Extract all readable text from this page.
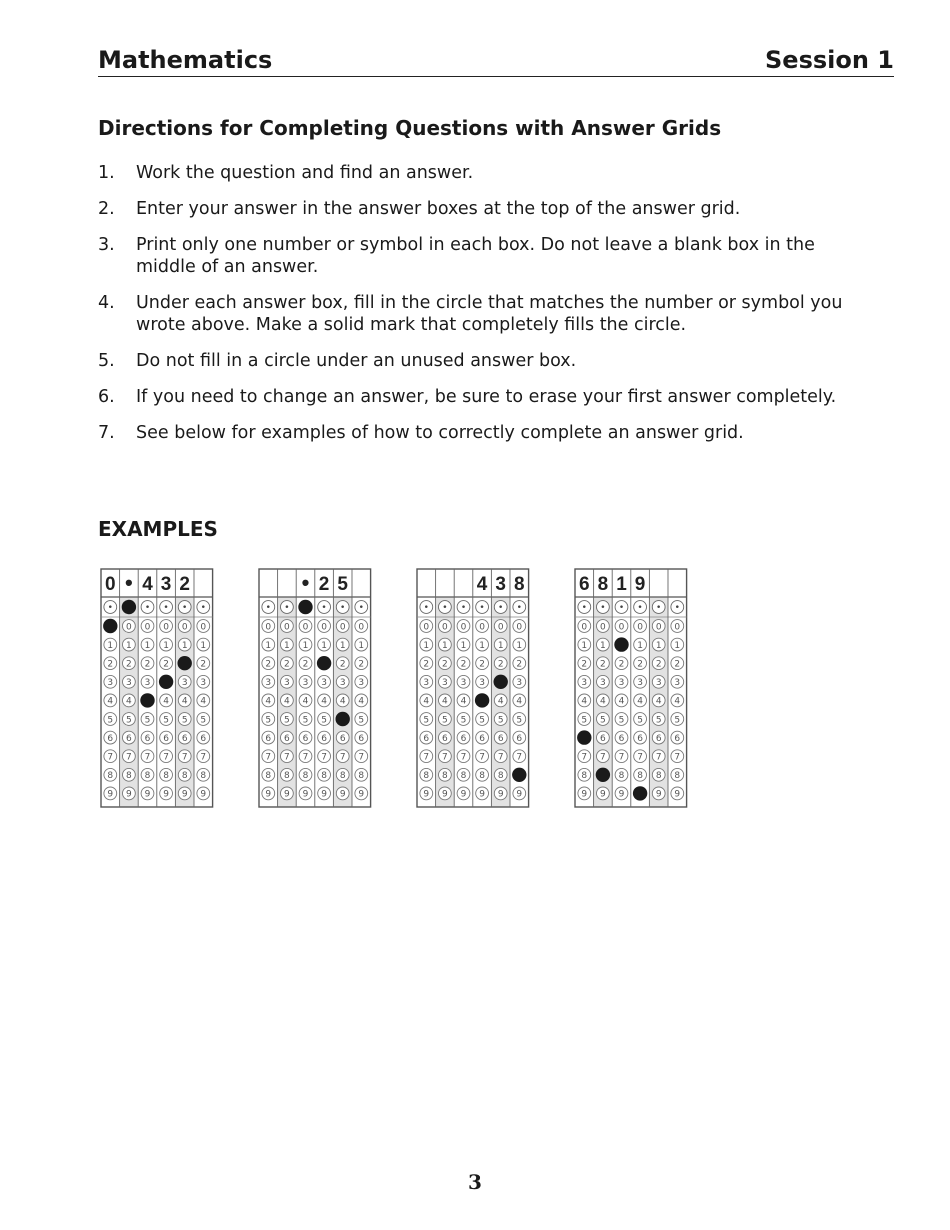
Mathematics	Session 1
Directions for Completing Questions with Answer Grids
1. Work the question and find an answer.
2. Enter your answer in the answer boxes at the top of the answer grid.
3. Print only one number or symbol in each box. Do not leave a blank box in the middle of an answer.
4. Under each answer box, fill in the circle that matches the number or symbol you wrote above. Make a solid mark that completely fills the circle.
5. Do not fill in a circle under an unused answer box.
6. If you need to change an answer, be sure to erase your first answer completely.
7. See below for examples of how to correctly complete an answer grid.
EXAMPLES
0
•
1
2
3
4
5
6
7
8
9
•
0
1
2
3
4
5
6
7
8
9
4
•
0
1
2
3
5
6
7
8
9
3
•
0
1
2
4
5
6
7
8
9
2
•
0
1
3
4
5
6
7
8
9
•
0
1
2
3
4
5
6
7
8
9
•
0
1
2
3
4
5
6
7
8
9
•
0
1
2
3
4
5
6
7
8
9
•
0
1
2
3
4
5
6
7
8
9
2
•
0
1
3
4
5
6
7
8
9
5
•
0
1
2
3
4
6
7
8
9
•
0
1
2
3
4
5
6
7
8
9
•
0
1
2
3
4
5
6
7
8
9
•
0
1
2
3
4
5
6
7
8
9
•
0
1
2
3
4
5
6
7
8
9
4
•
0
1
2
3
5
6
7
8
9
3
•
0
1
2
4
5
6
7
8
9
8
•
0
1
2
3
4
5
6
7
9
6
•
0
1
2
3
4
5
7
8
9
8
•
0
1
2
3
4
5
6
7
9
1
•
0
2
3
4
5
6
7
8
9
9
•
0
1
2
3
4
5
6
7
8
•
0
1
2
3
4
5
6
7
8
9
•
0
1
2
3
4
5
6
7
8
9
3
